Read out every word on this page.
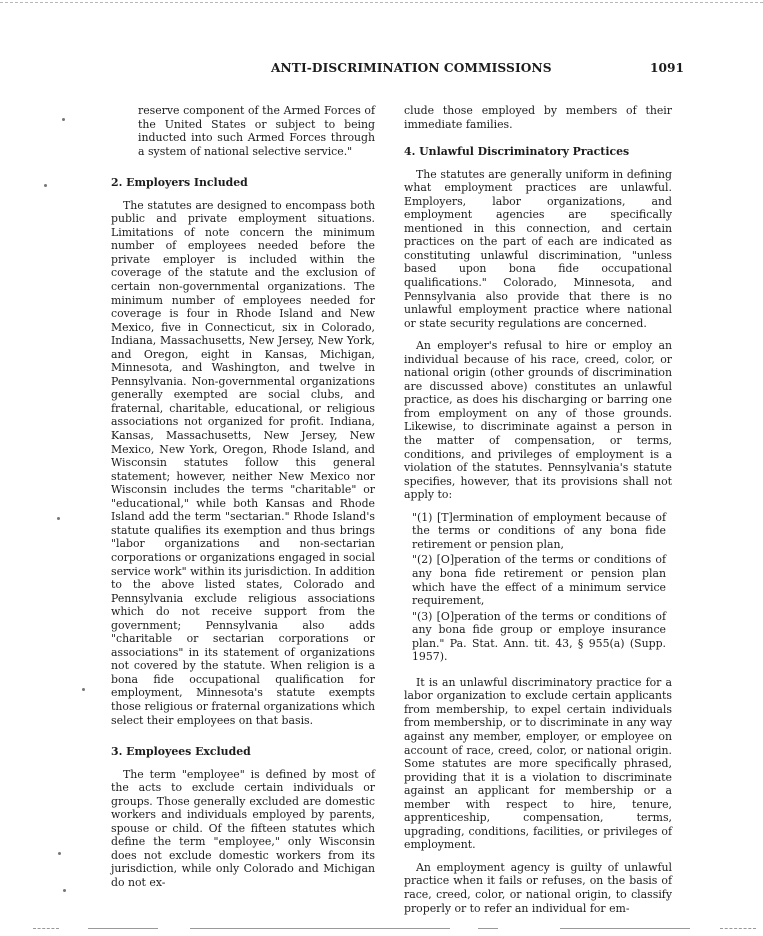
ANTI-DISCRIMINATION COMMISSIONS	1091

reserve component of the Armed Forces of the United States or subject to being inducted into such Armed Forces through a system of national selective service."

2. Employers Included

The statutes are designed to encompass both public and private employment situations. Limitations of note concern the minimum number of employees needed before the private employer is included within the coverage of the statute and the exclusion of certain non-governmental organizations. The minimum number of employees needed for coverage is four in Rhode Island and New Mexico, five in Connecticut, six in Colorado, Indiana, Massachusetts, New Jersey, New York, and Oregon, eight in Kansas, Michigan, Minnesota, and Washington, and twelve in Pennsylvania. Non-governmental organizations generally exempted are social clubs, and fraternal, charitable, educational, or religious associations not organized for profit. Indiana, Kansas, Massachusetts, New Jersey, New Mexico, New York, Oregon, Rhode Island, and Wisconsin statutes follow this general statement; however, neither New Mexico nor Wisconsin includes the terms "charitable" or "educational," while both Kansas and Rhode Island add the term "sectarian." Rhode Island's statute qualifies its exemption and thus brings "labor organizations and non-sectarian corporations or organizations engaged in social service work" within its jurisdiction. In addition to the above listed states, Colorado and Pennsylvania exclude religious associations which do not receive support from the government; Pennsylvania also adds "charitable or sectarian corporations or associations" in its statement of organizations not covered by the statute. When religion is a bona fide occupational qualification for employment, Minnesota's statute exempts those religious or fraternal organizations which select their employees on that basis.

3. Employees Excluded

The term "employee" is defined by most of the acts to exclude certain individuals or groups. Those generally excluded are domestic workers and individuals employed by parents, spouse or child. Of the fifteen statutes which define the term "employee," only Wisconsin does not exclude domestic workers from its jurisdiction, while only Colorado and Michigan do not ex-

clude those employed by members of their immediate families.

4. Unlawful Discriminatory Practices

The statutes are generally uniform in defining what employment practices are unlawful. Employers, labor organizations, and employment agencies are specifically mentioned in this connection, and certain practices on the part of each are indicated as constituting unlawful discrimination, "unless based upon bona fide occupational qualifications." Colorado, Minnesota, and Pennsylvania also provide that there is no unlawful employment practice where national or state security regulations are concerned.

An employer's refusal to hire or employ an individual because of his race, creed, color, or national origin (other grounds of discrimination are discussed above) constitutes an unlawful practice, as does his discharging or barring one from employment on any of those grounds. Likewise, to discriminate against a person in the matter of compensation, or terms, conditions, and privileges of employment is a violation of the statutes. Pennsylvania's statute specifies, however, that its provisions shall not apply to:

"(1) [T]ermination of employment because of the terms or conditions of any bona fide retirement or pension plan,

"(2) [O]peration of the terms or conditions of any bona fide retirement or pension plan which have the effect of a minimum service requirement,

"(3) [O]peration of the terms or conditions of any bona fide group or employe insurance plan." Pa. Stat. Ann. tit. 43, § 955(a) (Supp. 1957).

It is an unlawful discriminatory practice for a labor organization to exclude certain applicants from membership, to expel certain individuals from membership, or to discriminate in any way against any member, employer, or employee on account of race, creed, color, or national origin. Some statutes are more specifically phrased, providing that it is a violation to discriminate against an applicant for membership or a member with respect to hire, tenure, apprenticeship, compensation, terms, upgrading, conditions, facilities, or privileges of employment.

An employment agency is guilty of unlawful practice when it fails or refuses, on the basis of race, creed, color, or national origin, to classify properly or to refer an individual for em-
